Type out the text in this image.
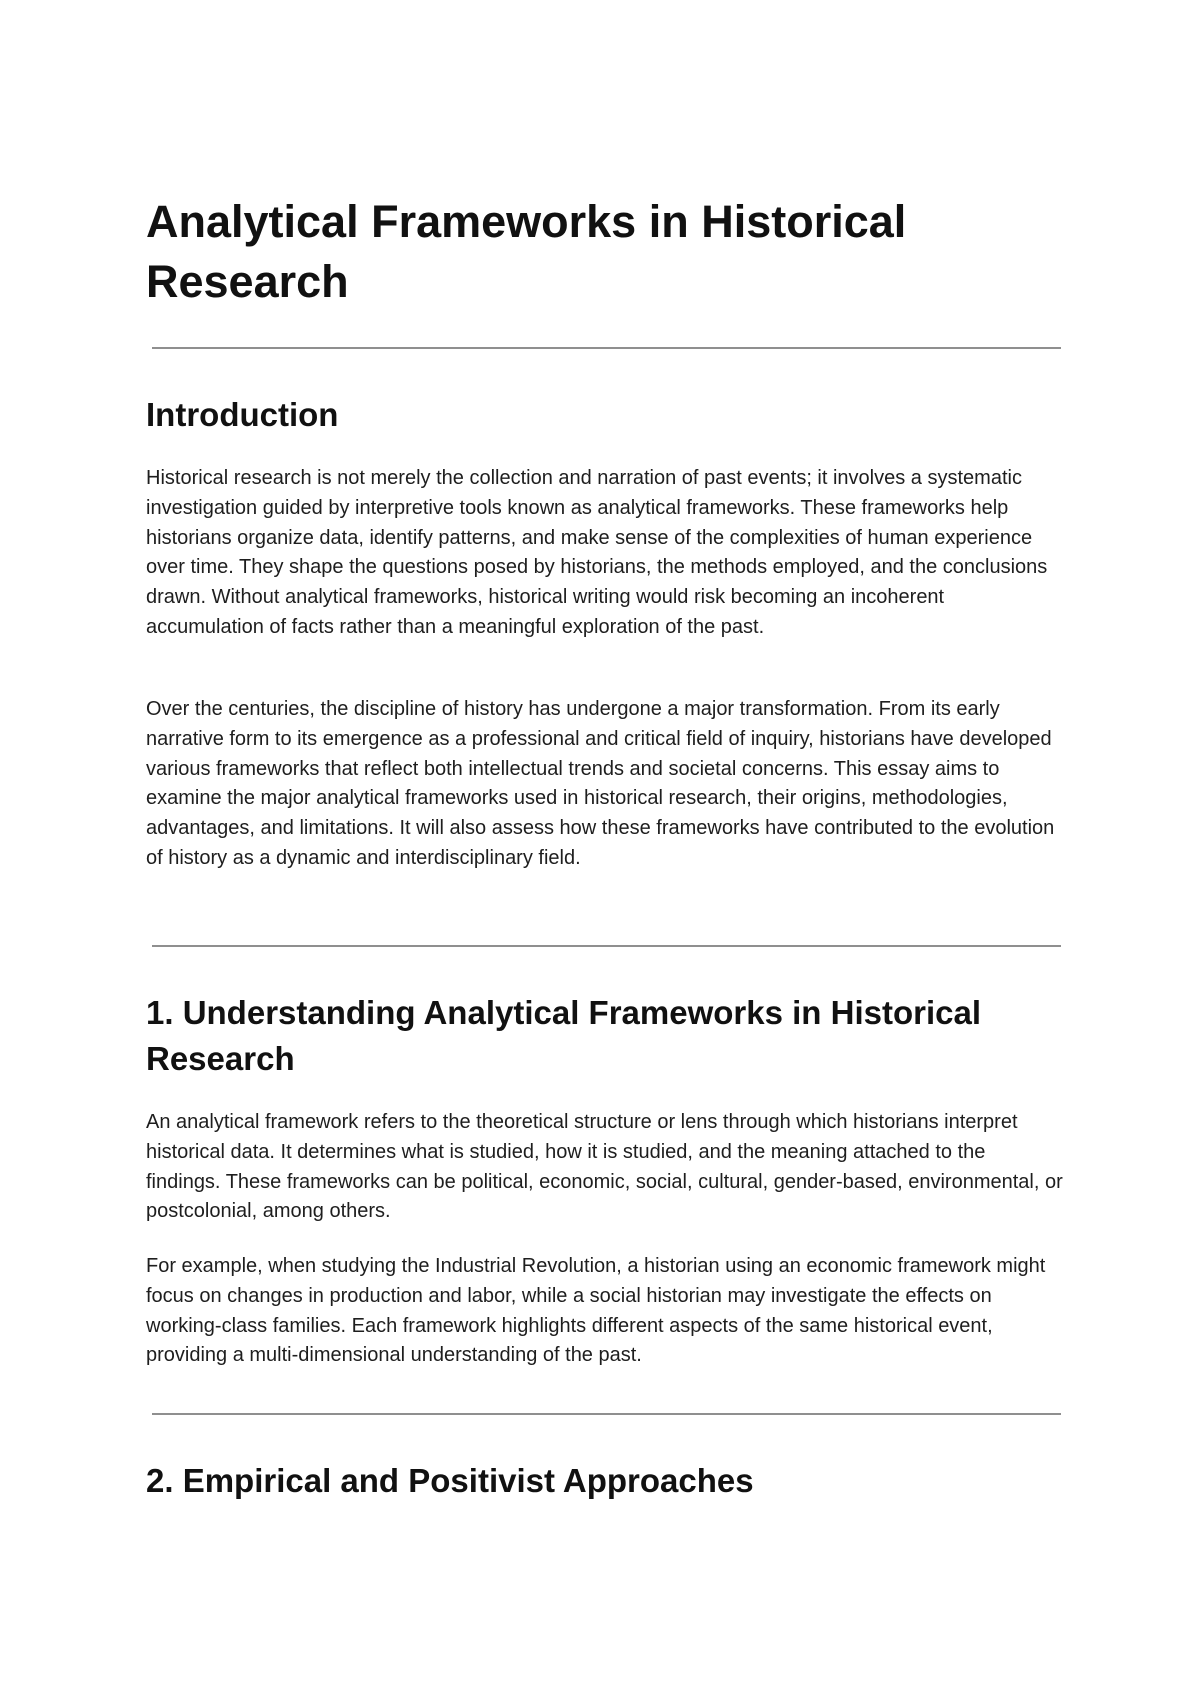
Analytical Frameworks in Historical Research
Introduction

Historical research is not merely the collection and narration of past events; it involves a systematic investigation guided by interpretive tools known as analytical frameworks. These frameworks help historians organize data, identify patterns, and make sense of the complexities of human experience over time. They shape the questions posed by historians, the methods employed, and the conclusions drawn. Without analytical frameworks, historical writing would risk becoming an incoherent accumulation of facts rather than a meaningful exploration of the past.

Over the centuries, the discipline of history has undergone a major transformation. From its early narrative form to its emergence as a professional and critical field of inquiry, historians have developed various frameworks that reflect both intellectual trends and societal concerns. This essay aims to examine the major analytical frameworks used in historical research, their origins, methodologies, advantages, and limitations. It will also assess how these frameworks have contributed to the evolution of history as a dynamic and interdisciplinary field.

1. Understanding Analytical Frameworks in Historical Research

An analytical framework refers to the theoretical structure or lens through which historians interpret historical data. It determines what is studied, how it is studied, and the meaning attached to the findings. These frameworks can be political, economic, social, cultural, gender-based, environmental, or postcolonial, among others.

For example, when studying the Industrial Revolution, a historian using an economic framework might focus on changes in production and labor, while a social historian may investigate the effects on working-class families. Each framework highlights different aspects of the same historical event, providing a multi-dimensional understanding of the past.

2. Empirical and Positivist Approaches
